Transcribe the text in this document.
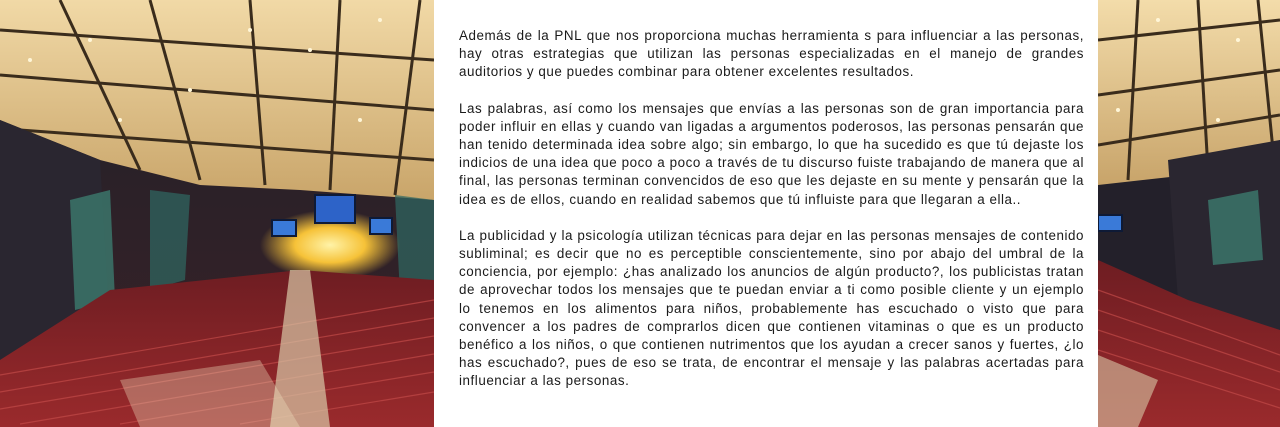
Además de la PNL que nos proporciona muchas herramienta s para influenciar a las personas, hay otras estrategias que utilizan las personas especializadas en el manejo de grandes auditorios y que puedes combinar para obtener excelentes resultados.

Las palabras, así como los mensajes que envías a las personas son de gran importancia para poder influir en ellas y cuando van ligadas a argumentos poderosos, las personas pensarán que han tenido determinada idea sobre algo; sin embargo, lo que ha sucedido es que tú dejaste los indicios de una idea que poco a poco a través de tu discurso fuiste trabajando de manera que al final, las personas terminan convencidos de eso que les dejaste en su mente y pensarán que la idea es de ellos, cuando en realidad sabemos que tú influiste para que llegaran a ella..

La publicidad y la psicología utilizan técnicas para dejar en las personas mensajes de contenido subliminal; es decir que no es perceptible conscientemente, sino por abajo del umbral de la conciencia, por ejemplo: ¿has analizado los anuncios de algún producto?, los publicistas tratan de aprovechar todos los mensajes que te puedan enviar a ti como posible cliente y un ejemplo lo tenemos en los alimentos para niños, probablemente has escuchado o visto que para convencer a los padres de comprarlos dicen que contienen vitaminas o que es un producto benéfico a los niños, o que contienen nutrimentos que los ayudan a crecer sanos y fuertes, ¿lo has escuchado?, pues de eso se trata, de encontrar el mensaje y las palabras acertadas para influenciar a las personas.
